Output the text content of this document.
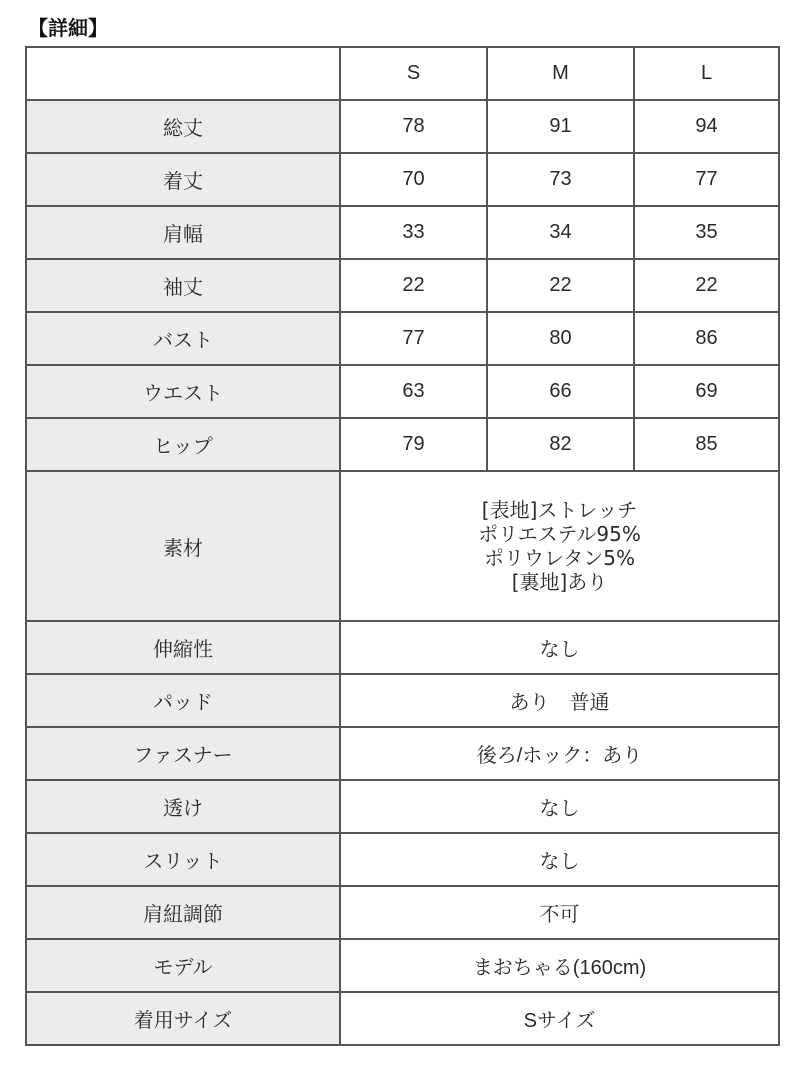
【詳細】
	S	M	L
総丈	78	91	94
着丈	70	73	77
肩幅	33	34	35
袖丈	22	22	22
バスト	77	80	86
ウエスト	63	66	69
ヒップ	79	82	85
素材	[表地]ストレッチ
ポリエステル95%
ポリウレタン5%
[裏地]あり		

伸縮性	なし		
パッド	あり　普通		
ファスナー	後ろ/ホック：あり		
透け	なし		
スリット	なし		
肩紐調節	不可		
モデル	まおちゃる(160cm)		
着用サイズ	Sサイズ		
